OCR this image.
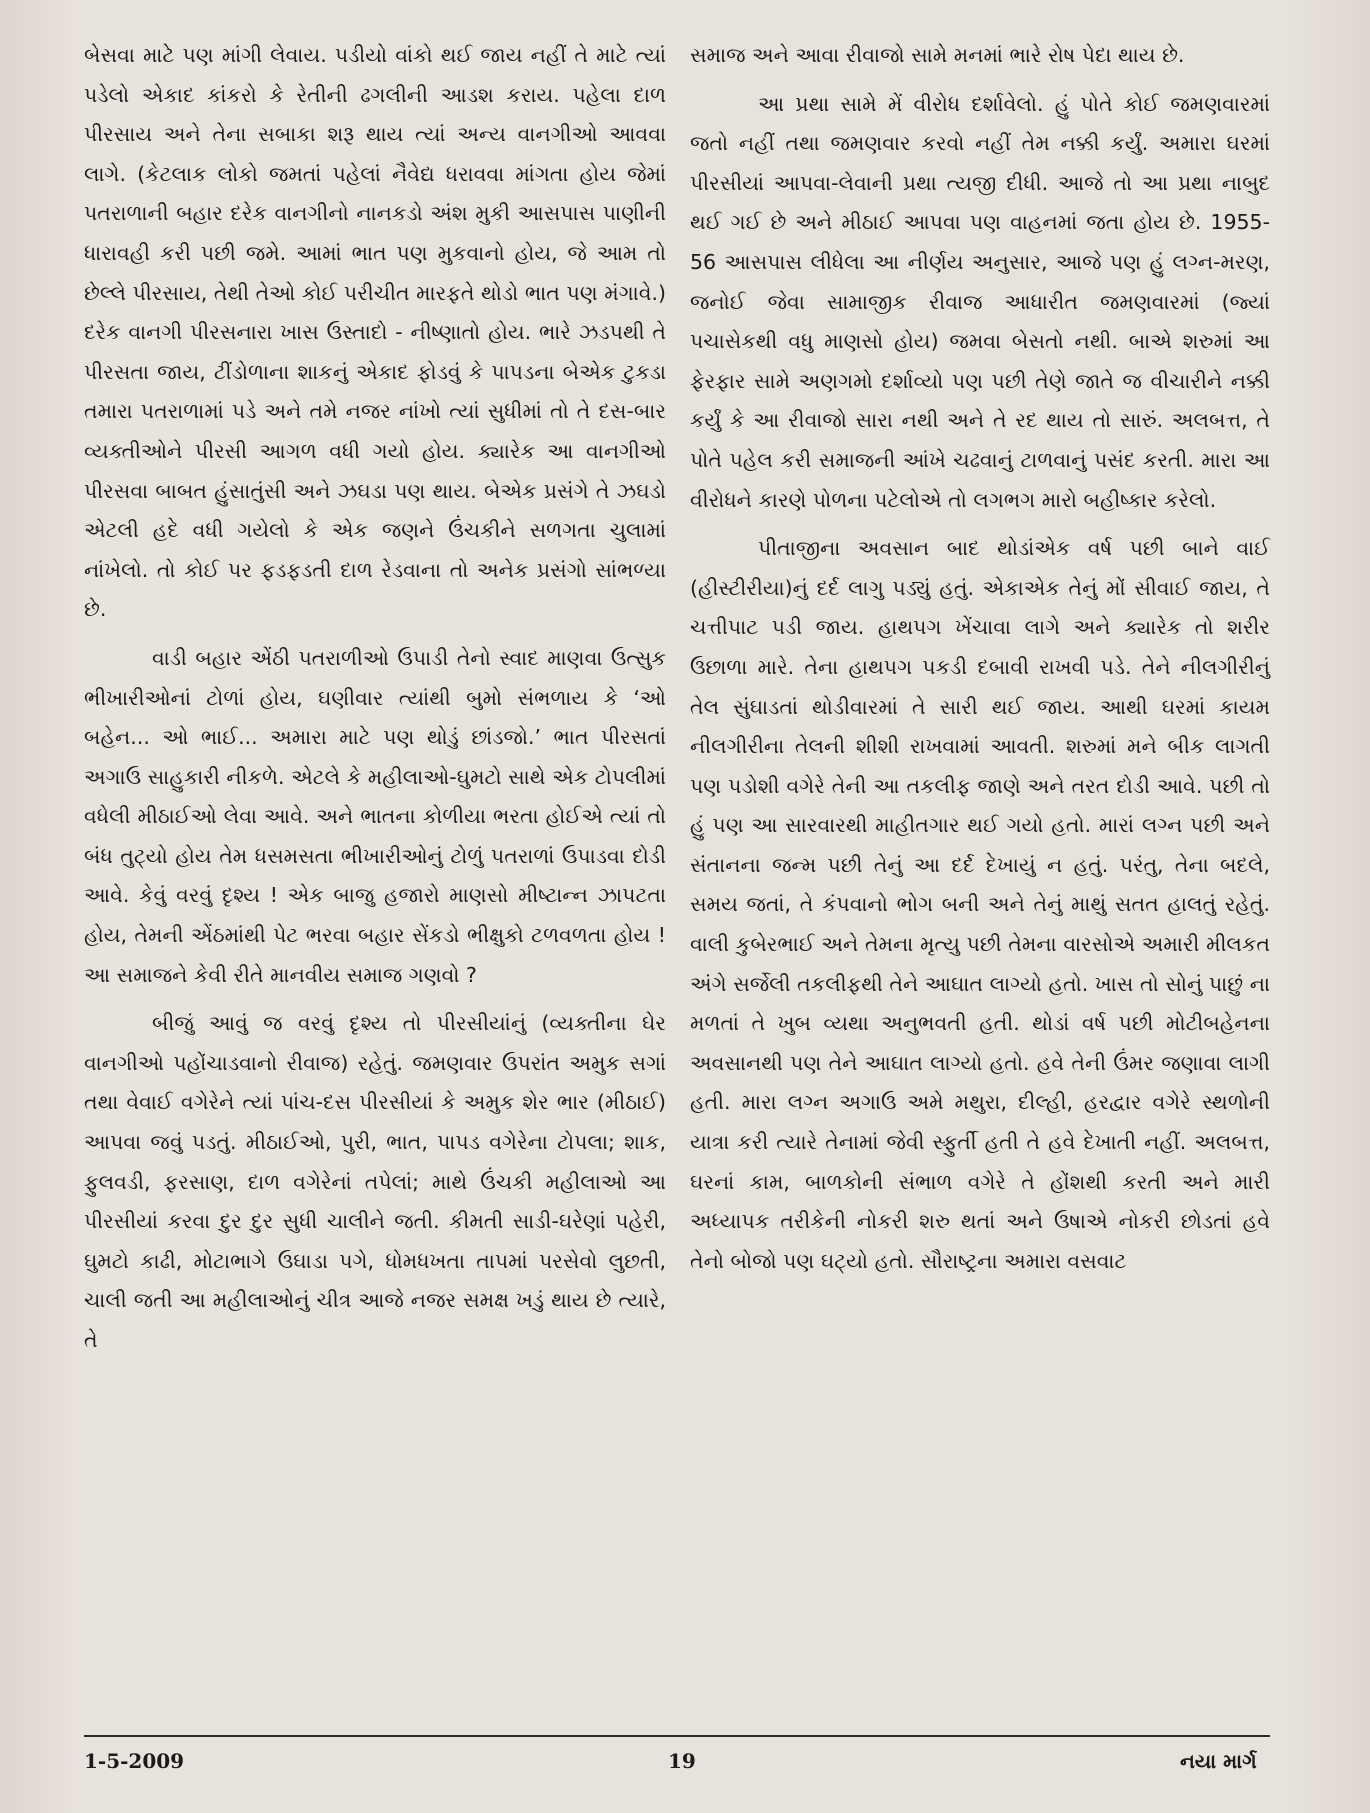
બેસવા માટે પણ માંગી લેવાય. પડીયો વાંકો થઈ જાય નહીં તે માટે ત્યાં પડેલો એકાદ કાંકરો કે રેતીની ઢગલીની આડશ કરાય. પહેલા દાળ પીરસાય અને તેના સબાકા શરૂ થાય ત્યાં અન્ય વાનગીઓ આવવા લાગે. (કેટલાક લોકો જમતાં પહેલાં નૈવેદ્ય ધરાવવા માંગતા હોય જેમાં પતરાળાની બહાર દરેક વાનગીનો નાનકડો અંશ મુકી આસપાસ પાણીની ધારાવહી કરી પછી જમે. આમાં ભાત પણ મુકવાનો હોય, જે આમ તો છેલ્લે પીરસાય, તેથી તેઓ કોઈ પરીચીત મારફતે થોડો ભાત પણ મંગાવે.) દરેક વાનગી પીરસનારા ખાસ ઉસ્તાદો - નીષ્ણાતો હોય. ભારે ઝડપથી તે પીરસતા જાય, ટીંડોળાના શાકનું એકાદ ફોડવું કે પાપડના બેએક ટુકડા તમારા પતરાળામાં પડે અને તમે નજર નાંખો ત્યાં સુધીમાં તો તે દસ-બાર વ્યક્તીઓને પીરસી આગળ વધી ગયો હોય. ક્યારેક આ વાનગીઓ પીરસવા બાબત હુંસાતુંસી અને ઝઘડા પણ થાય. બેએક પ્રસંગે તે ઝઘડો એટલી હદે વધી ગયેલો કે એક જણને ઉંચકીને સળગતા ચુલામાં નાંખેલો. તો કોઈ પર ફડફડતી દાળ રેડવાના તો અનેક પ્રસંગો સાંભળ્યા છે.

વાડી બહાર એંઠી પતરાળીઓ ઉપાડી તેનો સ્વાદ માણવા ઉત્સુક ભીખારીઓનાં ટોળાં હોય, ઘણીવાર ત્યાંથી બુમો સંભળાય કે ‘ઓ બહેન... ઓ ભાઈ... અમારા માટે પણ થોડું છાંડજો.’ ભાત પીરસતાં અગાઉ સાહુકારી નીકળે. એટલે કે મહીલાઓ-ઘુમટો સાથે એક ટોપલીમાં વધેલી મીઠાઈઓ લેવા આવે. અને ભાતના કોળીયા ભરતા હોઈએ ત્યાં તો બંધ તુટ્યો હોય તેમ ધસમસતા ભીખારીઓનું ટોળું પતરાળાં ઉપાડવા દોડી આવે. કેવું વરવું દૃશ્ય ! એક બાજુ હજારો માણસો મીષ્ટાન્ન ઝાપટતા હોય, તેમની એંઠમાંથી પેટ ભરવા બહાર સેંકડો ભીક્ષુકો ટળવળતા હોય ! આ સમાજને કેવી રીતે માનવીય સમાજ ગણવો ?

બીજું આવું જ વરવું દૃશ્ય તો પીરસીયાંનું (વ્યક્તીના ઘેર વાનગીઓ પહોંચાડવાનો રીવાજ) રહેતું. જમણવાર ઉપરાંત અમુક સગાં તથા વેવાઈ વગેરેને ત્યાં પાંચ-દસ પીરસીયાં કે અમુક શેર ભાર (મીઠાઈ) આપવા જવું પડતું. મીઠાઈઓ, પુરી, ભાત, પાપડ વગેરેના ટોપલા; શાક, ફુલવડી, ફરસાણ, દાળ વગેરેનાં તપેલાં; માથે ઉંચકી મહીલાઓ આ પીરસીયાં કરવા દુર દુર સુધી ચાલીને જતી. કીમતી સાડી-ઘરેણાં પહેરી, ઘુમટો કાઢી, મોટાભાગે ઉઘાડા પગે, ધોમધખતા તાપમાં પરસેવો લુછતી, ચાલી જતી આ મહીલાઓનું ચીત્ર આજે નજર સમક્ષ ખડું થાય છે ત્યારે, તે

સમાજ અને આવા રીવાજો સામે મનમાં ભારે રોષ પેદા થાય છે.

આ પ્રથા સામે મેં વીરોધ દર્શાવેલો. હું પોતે કોઈ જમણવારમાં જતો નહીં તથા જમણવાર કરવો નહીં તેમ નક્કી કર્યું. અમારા ઘરમાં પીરસીયાં આપવા-લેવાની પ્રથા ત્યજી દીધી. આજે તો આ પ્રથા નાબુદ થઈ ગઈ છે અને મીઠાઈ આપવા પણ વાહનમાં જતા હોય છે. 1955- 56 આસપાસ લીધેલા આ નીર્ણય અનુસાર, આજે પણ હું લગ્ન-મરણ, જનોઈ જેવા સામાજીક રીવાજ આધારીત જમણવારમાં (જ્યાં પચાસેકથી વધુ માણસો હોય) જમવા બેસતો નથી. બાએ શરુમાં આ ફેરફાર સામે અણગમો દર્શાવ્યો પણ પછી તેણે જાતે જ વીચારીને નક્કી કર્યું કે આ રીવાજો સારા નથી અને તે રદ થાય તો સારું. અલબત્ત, તે પોતે પહેલ કરી સમાજની આંખે ચઢવાનું ટાળવાનું પસંદ કરતી. મારા આ વીરોધને કારણે પોળના પટેલોએ તો લગભગ મારો બહીષ્કાર કરેલો.

પીતાજીના અવસાન બાદ થોડાંએક વર્ષ પછી બાને વાઈ (હીસ્ટીરીયા)નું દર્દ લાગુ પડ્યું હતું. એકાએક તેનું મોં સીવાઈ જાય, તે ચત્તીપાટ પડી જાય. હાથપગ ખેંચાવા લાગે અને ક્યારેક તો શરીર ઉછાળા મારે. તેના હાથપગ પકડી દબાવી રાખવી પડે. તેને નીલગીરીનું તેલ સુંઘાડતાં થોડીવારમાં તે સારી થઈ જાય. આથી ઘરમાં કાયમ નીલગીરીના તેલની શીશી રાખવામાં આવતી. શરુમાં મને બીક લાગતી પણ પડોશી વગેરે તેની આ તકલીફ જાણે અને તરત દોડી આવે. પછી તો હું પણ આ સારવારથી માહીતગાર થઈ ગયો હતો. મારાં લગ્ન પછી અને સંતાનના જન્મ પછી તેનું આ દર્દ દેખાયું ન હતું. પરંતુ, તેના બદલે, સમય જતાં, તે કંપવાનો ભોગ બની અને તેનું માથું સતત હાલતું રહેતું. વાલી કુબેરભાઈ અને તેમના મૃત્યુ પછી તેમના વારસોએ અમારી મીલકત અંગે સર્જેલી તકલીફથી તેને આઘાત લાગ્યો હતો. ખાસ તો સોનું પાછું ના મળતાં તે ખુબ વ્યથા અનુભવતી હતી. થોડાં વર્ષ પછી મોટીબહેનના અવસાનથી પણ તેને આઘાત લાગ્યો હતો. હવે તેની ઉંમર જણાવા લાગી હતી. મારા લગ્ન અગાઉ અમે મથુરા, દીલ્હી, હરદ્વાર વગેરે સ્થળોની યાત્રા કરી ત્યારે તેનામાં જેવી સ્ફુર્તી હતી તે હવે દેખાતી નહીં. અલબત્ત, ઘરનાં કામ, બાળકોની સંભાળ વગેરે તે હોંશથી કરતી અને મારી અધ્યાપક તરીકેની નોકરી શરુ થતાં અને ઉષાએ નોકરી છોડતાં હવે તેનો બોજો પણ ઘટ્યો હતો. સૌરાષ્ટ્રના અમારા વસવાટ

1-5-2009	19	નયા માર્ગ
